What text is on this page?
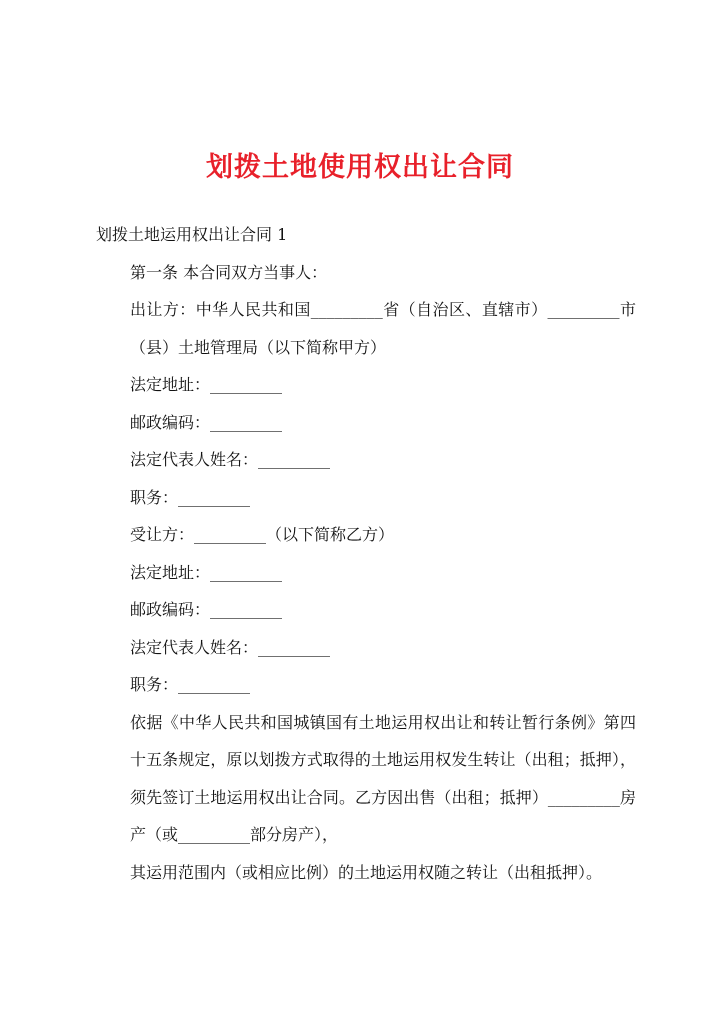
划拨土地使用权出让合同

划拨土地运用权出让合同 1

第一条 本合同双方当事人：

出让方：中华人民共和国_________省（自治区、直辖市）_________市（县）土地管理局（以下简称甲方）

法定地址：_________

邮政编码：_________

法定代表人姓名：_________

职务：_________

受让方：_________（以下简称乙方）

法定地址：_________

邮政编码：_________

法定代表人姓名：_________

职务：_________

依据《中华人民共和国城镇国有土地运用权出让和转让暂行条例》第四十五条规定，原以划拨方式取得的土地运用权发生转让（出租；抵押），须先签订土地运用权出让合同。乙方因出售（出租；抵押）_________房产（或_________部分房产），

其运用范围内（或相应比例）的土地运用权随之转让（出租抵押）。
